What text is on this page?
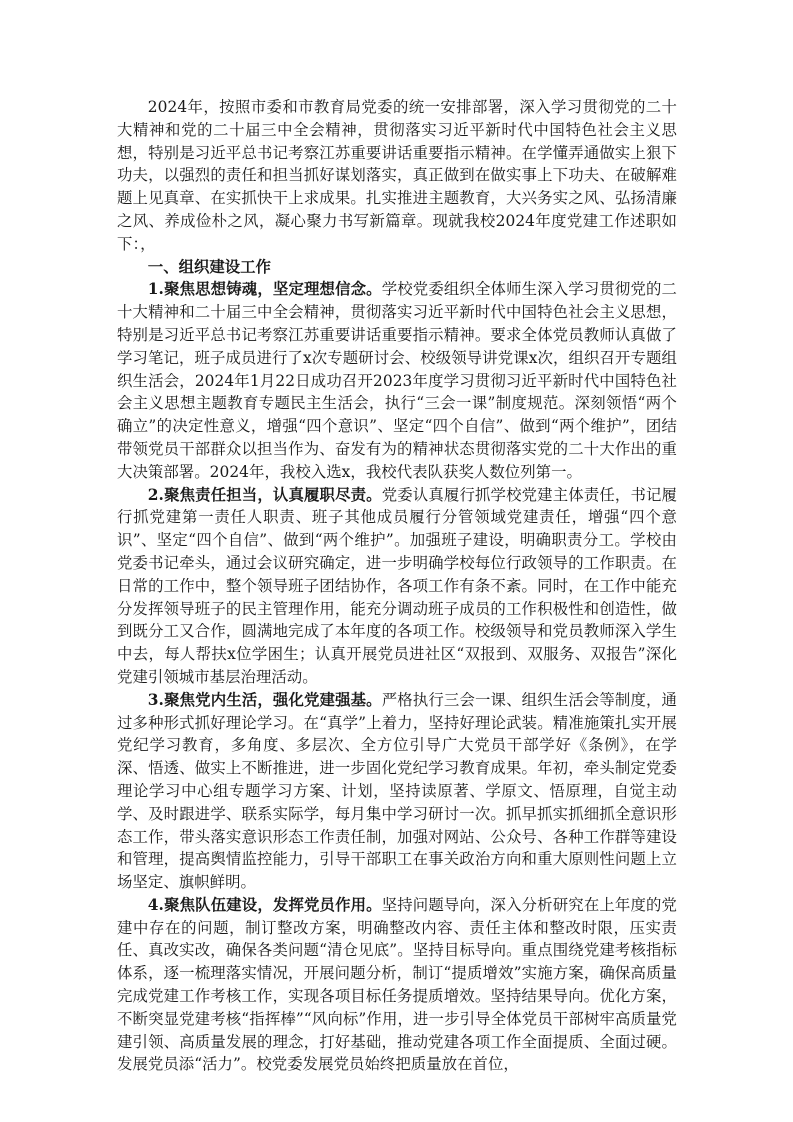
2024年，按照市委和市教育局党委的统一安排部署，深入学习贯彻党的二十大精神和党的二十届三中全会精神，贯彻落实习近平新时代中国特色社会主义思想，特别是习近平总书记考察江苏重要讲话重要指示精神。在学懂弄通做实上狠下功夫，以强烈的责任和担当抓好谋划落实，真正做到在做实事上下功夫、在破解难题上见真章、在实抓快干上求成果。扎实推进主题教育，大兴务实之风、弘扬清廉之风、养成俭朴之风，凝心聚力书写新篇章。现就我校2024年度党建工作述职如下：，

一、组织建设工作

1.聚焦思想铸魂，坚定理想信念。学校党委组织全体师生深入学习贯彻党的二十大精神和二十届三中全会精神，贯彻落实习近平新时代中国特色社会主义思想，特别是习近平总书记考察江苏重要讲话重要指示精神。要求全体党员教师认真做了学习笔记，班子成员进行了x次专题研讨会、校级领导讲党课x次，组织召开专题组织生活会，2024年1月22日成功召开2023年度学习贯彻习近平新时代中国特色社会主义思想主题教育专题民主生活会，执行“三会一课”制度规范。深刻领悟“两个确立”的决定性意义，增强“四个意识”、坚定“四个自信”、做到“两个维护”，团结带领党员干部群众以担当作为、奋发有为的精神状态贯彻落实党的二十大作出的重大决策部署。2024年，我校入选x，我校代表队获奖人数位列第一。

2.聚焦责任担当，认真履职尽责。党委认真履行抓学校党建主体责任，书记履行抓党建第一责任人职责、班子其他成员履行分管领域党建责任，增强“四个意识”、坚定“四个自信”、做到“两个维护”。加强班子建设，明确职责分工。学校由党委书记牵头，通过会议研究确定，进一步明确学校每位行政领导的工作职责。在日常的工作中，整个领导班子团结协作，各项工作有条不紊。同时，在工作中能充分发挥领导班子的民主管理作用，能充分调动班子成员的工作积极性和创造性，做到既分工又合作，圆满地完成了本年度的各项工作。校级领导和党员教师深入学生中去，每人帮扶x位学困生；认真开展党员进社区“双报到、双服务、双报告”深化党建引领城市基层治理活动。

3.聚焦党内生活，强化党建强基。严格执行三会一课、组织生活会等制度，通过多种形式抓好理论学习。在“真学”上着力，坚持好理论武装。精准施策扎实开展党纪学习教育，多角度、多层次、全方位引导广大党员干部学好《条例》，在学深、悟透、做实上不断推进，进一步固化党纪学习教育成果。年初，牵头制定党委理论学习中心组专题学习方案、计划，坚持读原著、学原文、悟原理，自觉主动学、及时跟进学、联系实际学，每月集中学习研讨一次。抓早抓实抓细抓全意识形态工作，带头落实意识形态工作责任制，加强对网站、公众号、各种工作群等建设和管理，提高舆情监控能力，引导干部职工在事关政治方向和重大原则性问题上立场坚定、旗帜鲜明。

4.聚焦队伍建设，发挥党员作用。坚持问题导向，深入分析研究在上年度的党建中存在的问题，制订整改方案，明确整改内容、责任主体和整改时限，压实责任、真改实改，确保各类问题“清仓见底”。坚持目标导向。重点围绕党建考核指标体系，逐一梳理落实情况，开展问题分析，制订“提质增效”实施方案，确保高质量完成党建工作考核工作，实现各项目标任务提质增效。坚持结果导向。优化方案，不断突显党建考核“指挥棒”“风向标”作用，进一步引导全体党员干部树牢高质量党建引领、高质量发展的理念，打好基础，推动党建各项工作全面提质、全面过硬。发展党员添“活力”。校党委发展党员始终把质量放在首位，
